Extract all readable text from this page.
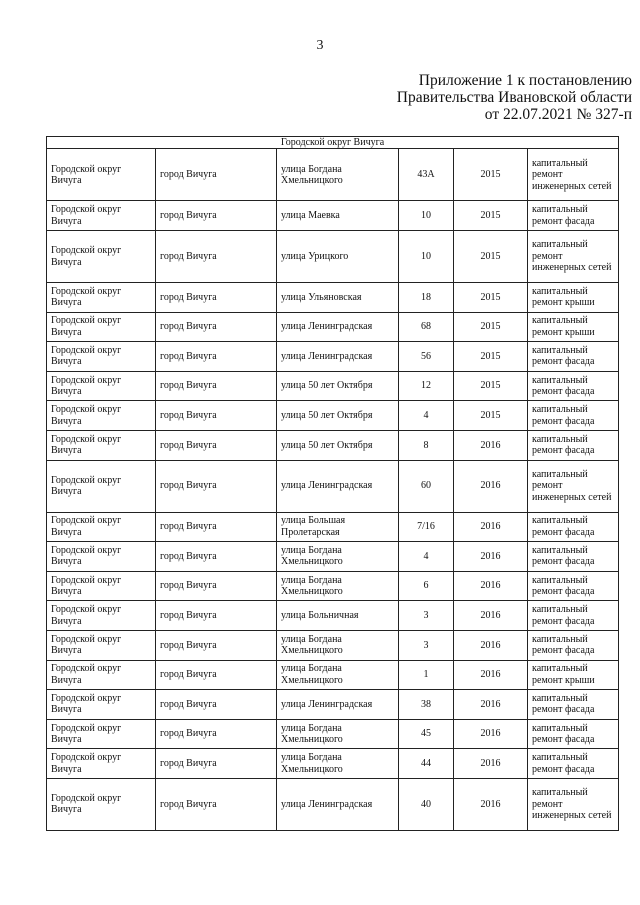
3
Приложение 1 к постановлению
Правительства Ивановской области
от 22.07.2021 № 327-п
Городской округ Вичуга					
Городской округ Вичуга	город Вичуга	улица Богдана Хмельницкого	43А	2015	капитальный ремонт инженерных сетей
Городской округ Вичуга	город Вичуга	улица Маевка	10	2015	капитальный ремонт фасада
Городской округ Вичуга	город Вичуга	улица Урицкого	10	2015	капитальный ремонт инженерных сетей
Городской округ Вичуга	город Вичуга	улица Ульяновская	18	2015	капитальный ремонт крыши
Городской округ Вичуга	город Вичуга	улица Ленинградская	68	2015	капитальный ремонт крыши
Городской округ Вичуга	город Вичуга	улица Ленинградская	56	2015	капитальный ремонт фасада
Городской округ Вичуга	город Вичуга	улица 50 лет Октября	12	2015	капитальный ремонт фасада
Городской округ Вичуга	город Вичуга	улица 50 лет Октября	4	2015	капитальный ремонт фасада
Городской округ Вичуга	город Вичуга	улица 50 лет Октября	8	2016	капитальный ремонт фасада
Городской округ Вичуга	город Вичуга	улица Ленинградская	60	2016	капитальный ремонт инженерных сетей
Городской округ Вичуга	город Вичуга	улица Большая Пролетарская	7/16	2016	капитальный ремонт фасада
Городской округ Вичуга	город Вичуга	улица Богдана Хмельницкого	4	2016	капитальный ремонт фасада
Городской округ Вичуга	город Вичуга	улица Богдана Хмельницкого	6	2016	капитальный ремонт фасада
Городской округ Вичуга	город Вичуга	улица Больничная	3	2016	капитальный ремонт фасада
Городской округ Вичуга	город Вичуга	улица Богдана Хмельницкого	3	2016	капитальный ремонт фасада
Городской округ Вичуга	город Вичуга	улица Богдана Хмельницкого	1	2016	капитальный ремонт крыши
Городской округ Вичуга	город Вичуга	улица Ленинградская	38	2016	капитальный ремонт фасада
Городской округ Вичуга	город Вичуга	улица Богдана Хмельницкого	45	2016	капитальный ремонт фасада
Городской округ Вичуга	город Вичуга	улица Богдана Хмельницкого	44	2016	капитальный ремонт фасада
Городской округ Вичуга	город Вичуга	улица Ленинградская	40	2016	капитальный ремонт инженерных сетей
